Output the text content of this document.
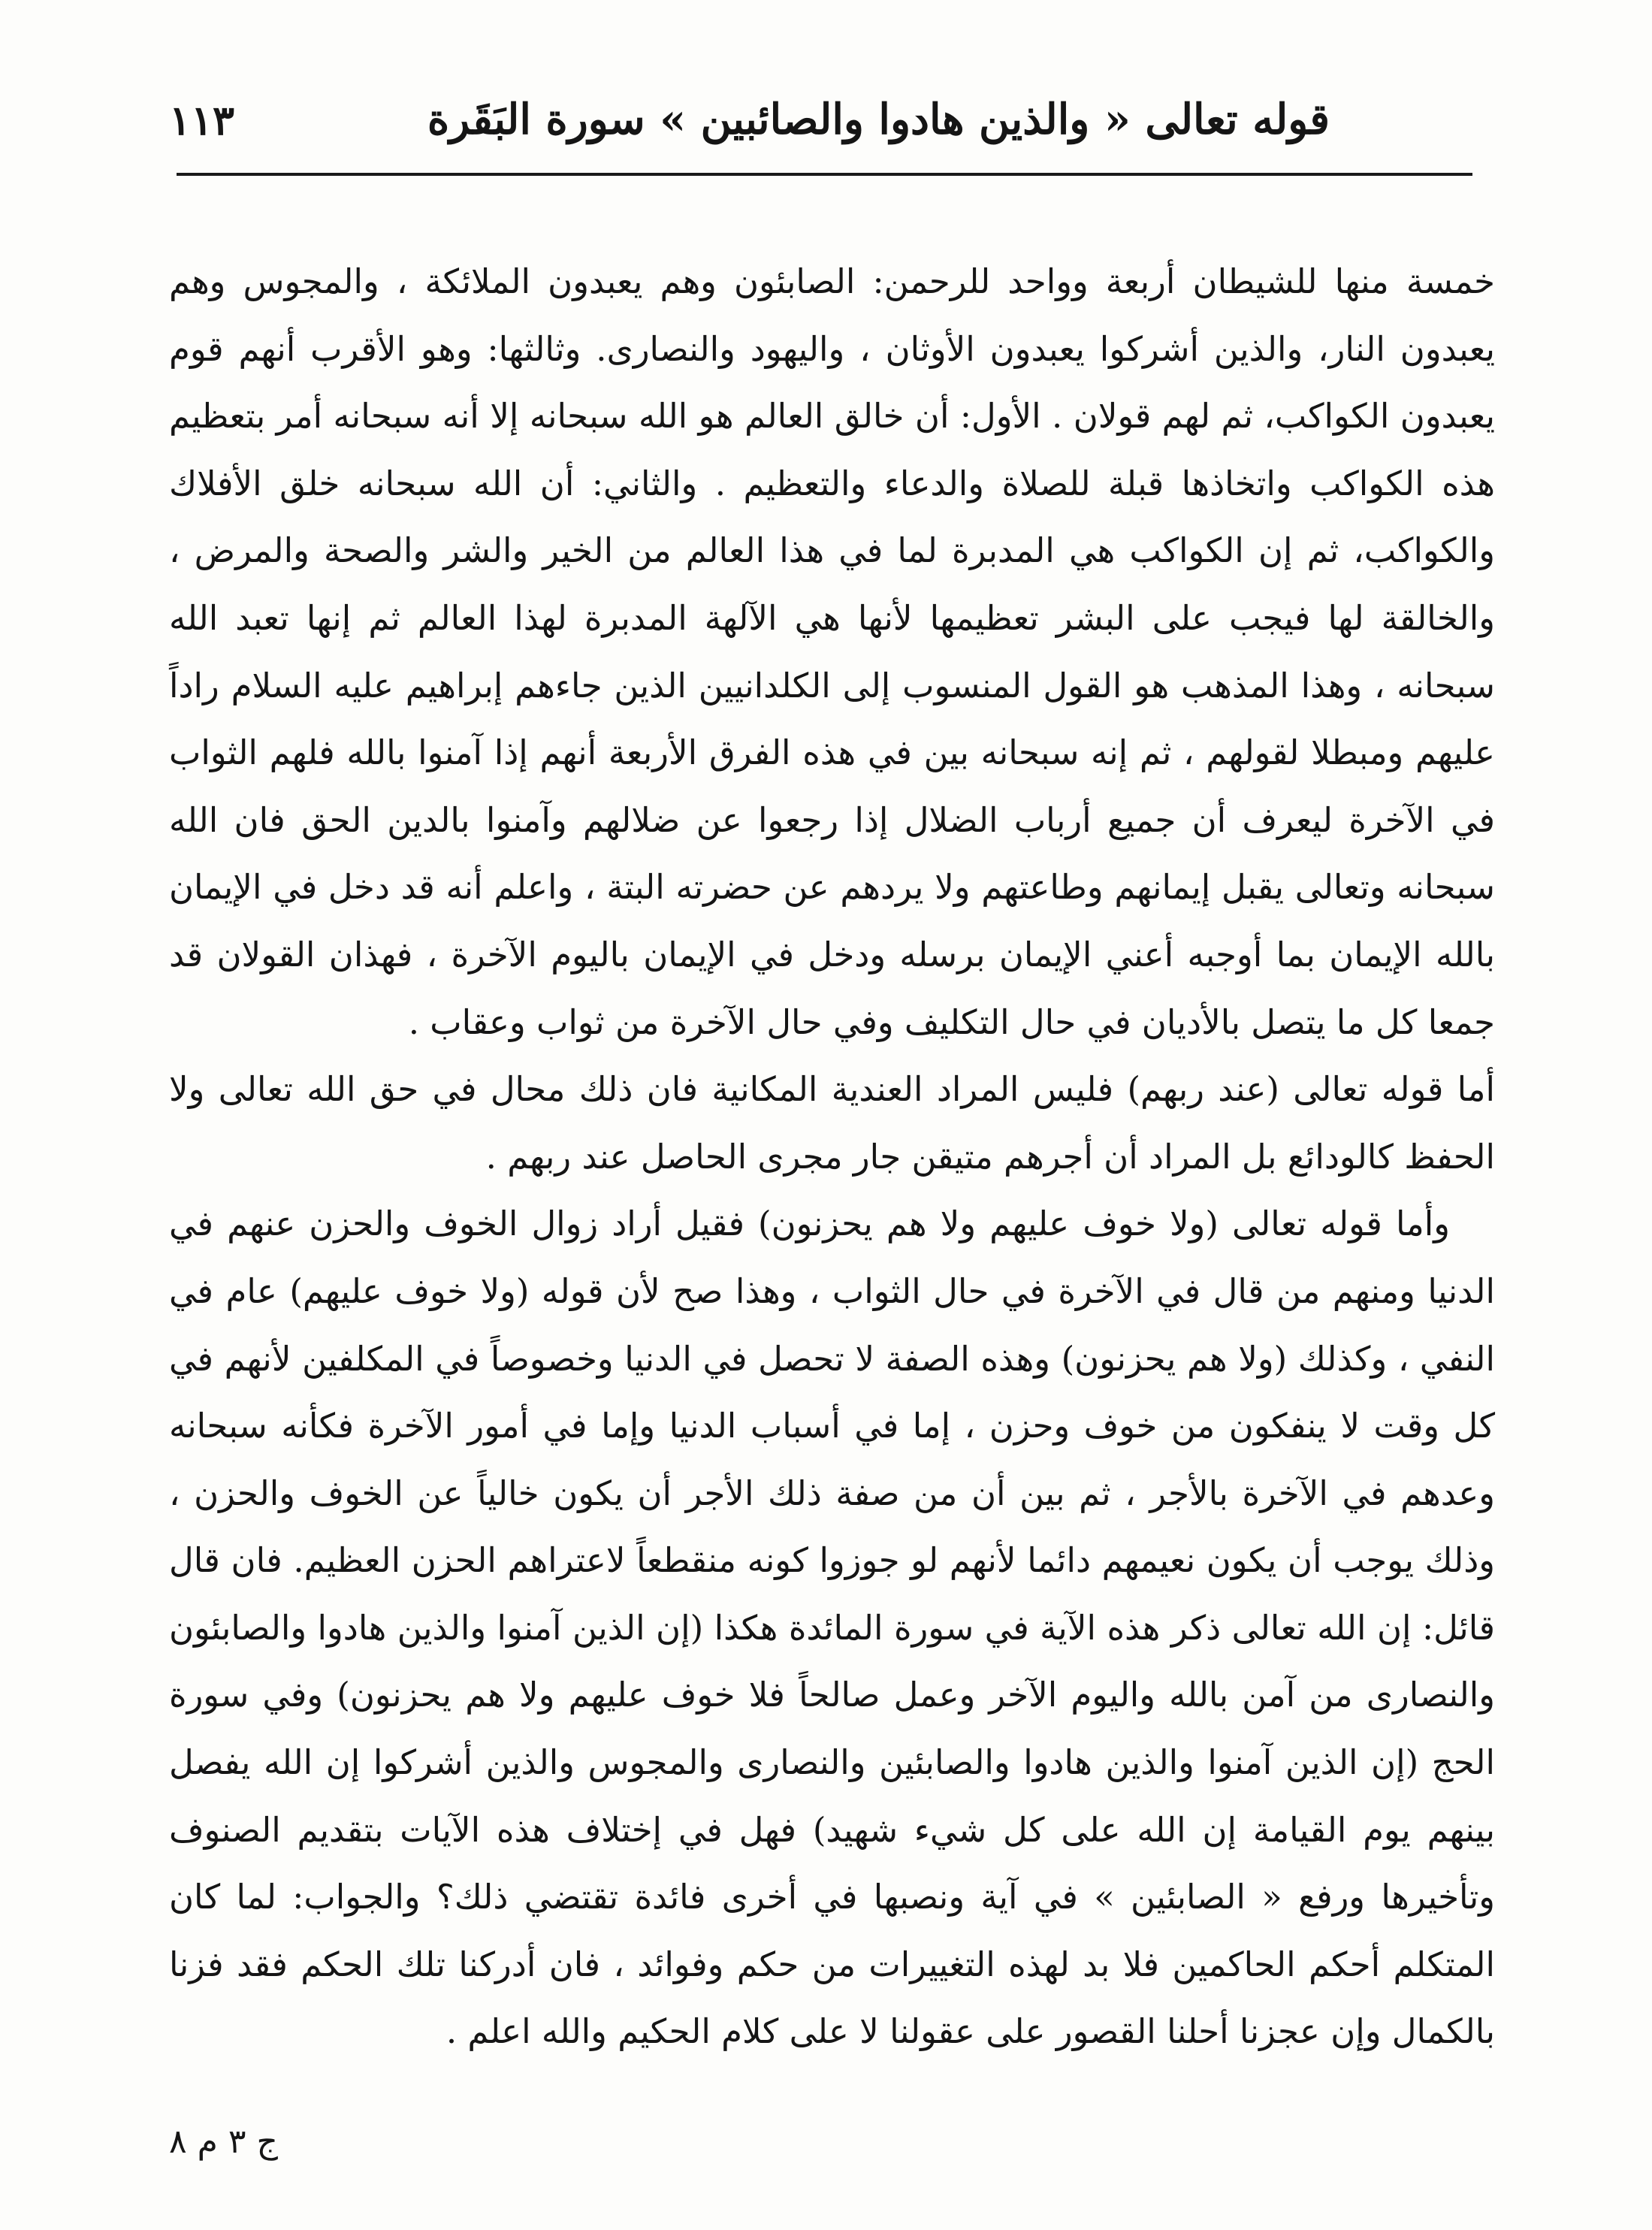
قوله تعالى « والذين هادوا والصائبين » سورة البَقَرة
١١٣

خمسة منها للشيطان أربعة وواحد للرحمن: الصابئون وهم يعبدون الملائكة ، والمجوس وهم يعبدون النار، والذين أشركوا يعبدون الأوثان ، واليهود والنصارى. وثالثها: وهو الأقرب أنهم قوم يعبدون الكواكب، ثم لهم قولان . الأول: أن خالق العالم هو الله سبحانه إلا أنه سبحانه أمر بتعظيم هذه الكواكب واتخاذها قبلة للصلاة والدعاء والتعظيم . والثاني: أن الله سبحانه خلق الأفلاك والكواكب، ثم إن الكواكب هي المدبرة لما في هذا العالم من الخير والشر والصحة والمرض ، والخالقة لها فيجب على البشر تعظيمها لأنها هي الآلهة المدبرة لهذا العالم ثم إنها تعبد الله سبحانه ، وهذا المذهب هو القول المنسوب إلى الكلدانيين الذين جاءهم إبراهيم عليه السلام راداً عليهم ومبطلا لقولهم ، ثم إنه سبحانه بين في هذه الفرق الأربعة أنهم إذا آمنوا بالله فلهم الثواب في الآخرة ليعرف أن جميع أرباب الضلال إذا رجعوا عن ضلالهم وآمنوا بالدين الحق فان الله سبحانه وتعالى يقبل إيمانهم وطاعتهم ولا يردهم عن حضرته البتة ، واعلم أنه قد دخل في الإيمان بالله الإيمان بما أوجبه أعني الإيمان برسله ودخل في الإيمان باليوم الآخرة ، فهذان القولان قد جمعا كل ما يتصل بالأديان في حال التكليف وفي حال الآخرة من ثواب وعقاب .

أما قوله تعالى (عند ربهم) فليس المراد العندية المكانية فان ذلك محال في حق الله تعالى ولا الحفظ كالودائع بل المراد أن أجرهم متيقن جار مجرى الحاصل عند ربهم .

وأما قوله تعالى (ولا خوف عليهم ولا هم يحزنون) فقيل أراد زوال الخوف والحزن عنهم في الدنيا ومنهم من قال في الآخرة في حال الثواب ، وهذا صح لأن قوله (ولا خوف عليهم) عام في النفي ، وكذلك (ولا هم يحزنون) وهذه الصفة لا تحصل في الدنيا وخصوصاً في المكلفين لأنهم في كل وقت لا ينفكون من خوف وحزن ، إما في أسباب الدنيا وإما في أمور الآخرة فكأنه سبحانه وعدهم في الآخرة بالأجر ، ثم بين أن من صفة ذلك الأجر أن يكون خالياً عن الخوف والحزن ، وذلك يوجب أن يكون نعيمهم دائما لأنهم لو جوزوا كونه منقطعاً لاعتراهم الحزن العظيم. فان قال قائل: إن الله تعالى ذكر هذه الآية في سورة المائدة هكذا (إن الذين آمنوا والذين هادوا والصابئون والنصارى من آمن بالله واليوم الآخر وعمل صالحاً فلا خوف عليهم ولا هم يحزنون) وفي سورة الحج (إن الذين آمنوا والذين هادوا والصابئين والنصارى والمجوس والذين أشركوا إن الله يفصل بينهم يوم القيامة إن الله على كل شيء شهيد) فهل في إختلاف هذه الآيات بتقديم الصنوف وتأخيرها ورفع « الصابئين » في آية ونصبها في أخرى فائدة تقتضي ذلك؟ والجواب: لما كان المتكلم أحكم الحاكمين فلا بد لهذه التغييرات من حكم وفوائد ، فان أدركنا تلك الحكم فقد فزنا بالكمال وإن عجزنا أحلنا القصور على عقولنا لا على كلام الحكيم والله اعلم .

ج ٣ م ٨
